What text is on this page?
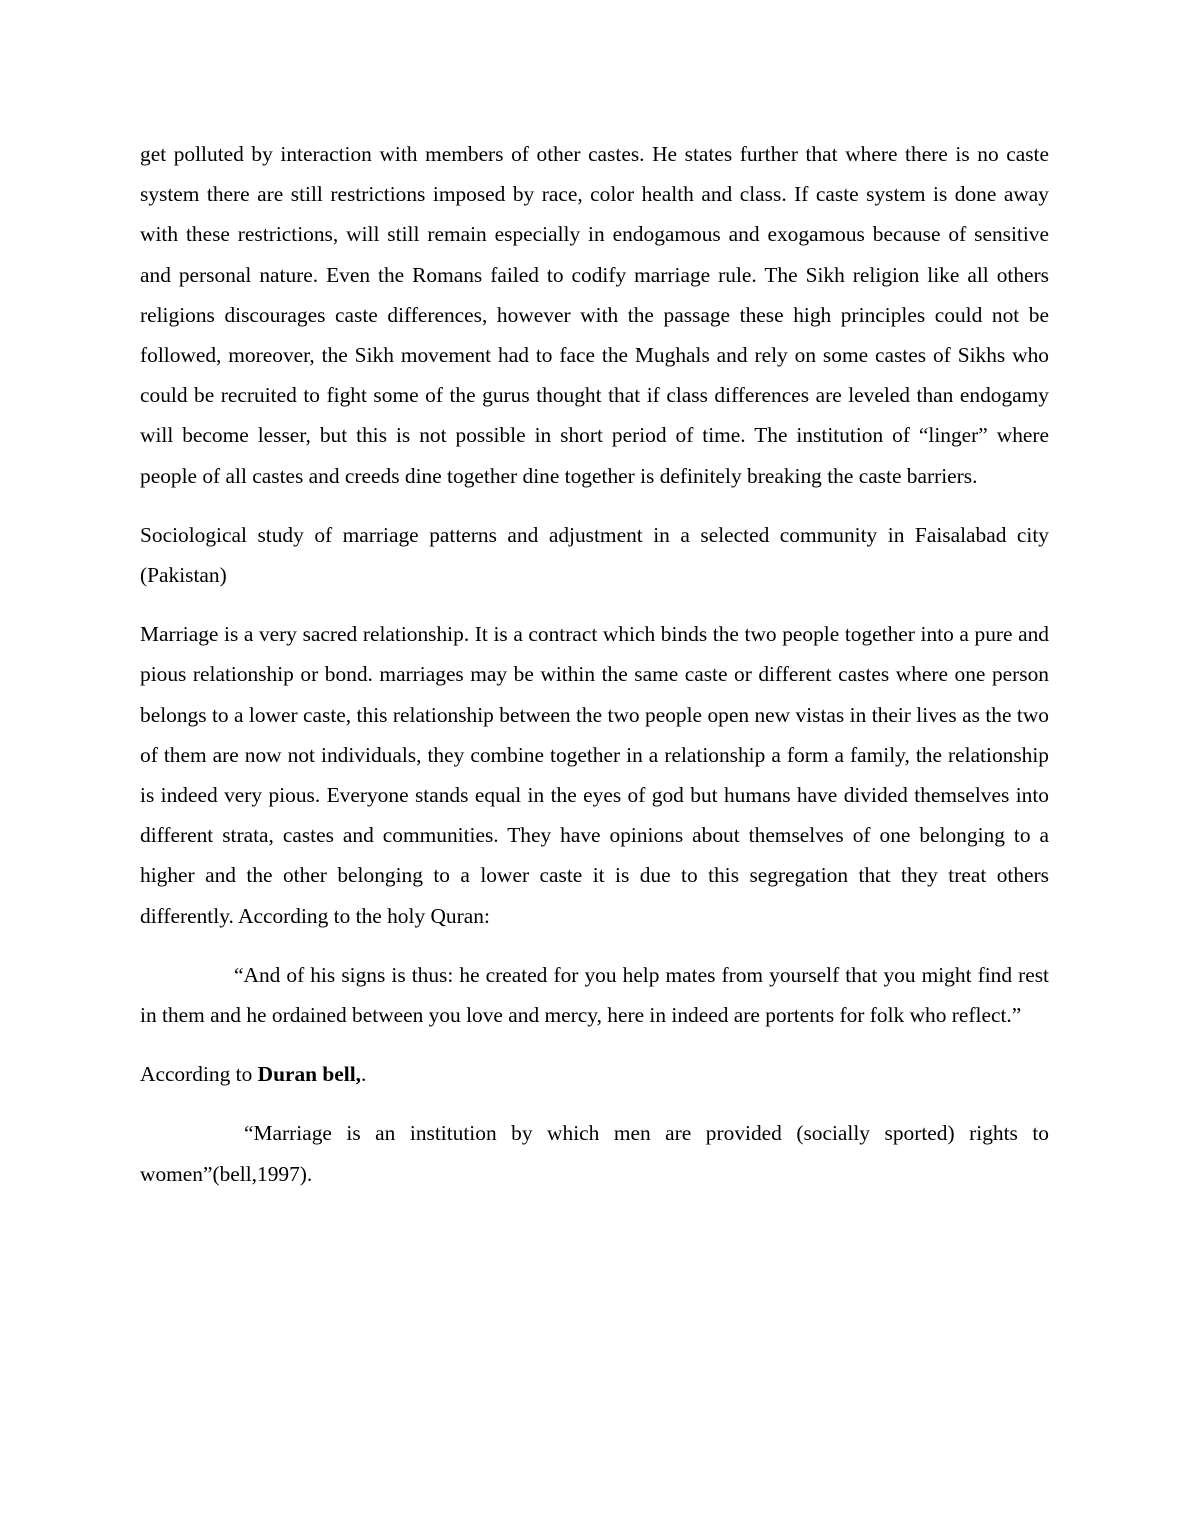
get polluted by interaction with members of other castes. He states further that where there is no caste system there are still restrictions imposed by race, color health and class. If caste system is done away with these restrictions, will still remain especially in endogamous and exogamous because of sensitive and personal nature. Even the Romans failed to codify marriage rule. The Sikh religion like all others religions discourages caste differences, however with the passage these high principles could not be followed, moreover, the Sikh movement had to face the Mughals and rely on some castes of Sikhs who could be recruited to fight some of the gurus thought that if class differences are leveled than endogamy will become lesser, but this is not possible in short period of time. The institution of “linger” where people of all castes and creeds dine together dine together is definitely breaking the caste barriers.

Sociological study of marriage patterns and adjustment in a selected community in Faisalabad city (Pakistan)

Marriage is a very sacred relationship. It is a contract which binds the two people together into a pure and pious relationship or bond. marriages may be within the same caste or different castes where one person belongs to a lower caste, this relationship between the two people open new vistas in their lives as the two of them are now not individuals, they combine together in a relationship a form a family, the relationship is indeed very pious. Everyone stands equal in the eyes of god but humans have divided themselves into different strata, castes and communities. They have opinions about themselves of one belonging to a higher and the other belonging to a lower caste it is due to this segregation that they treat others differently. According to the holy Quran:

“And of his signs is thus: he created for you help mates from yourself that you might find rest in them and he ordained between you love and mercy, here in indeed are portents for folk who reflect.”

According to Duran bell,.

“Marriage is an institution by which men are provided (socially sported) rights to women”(bell,1997).
